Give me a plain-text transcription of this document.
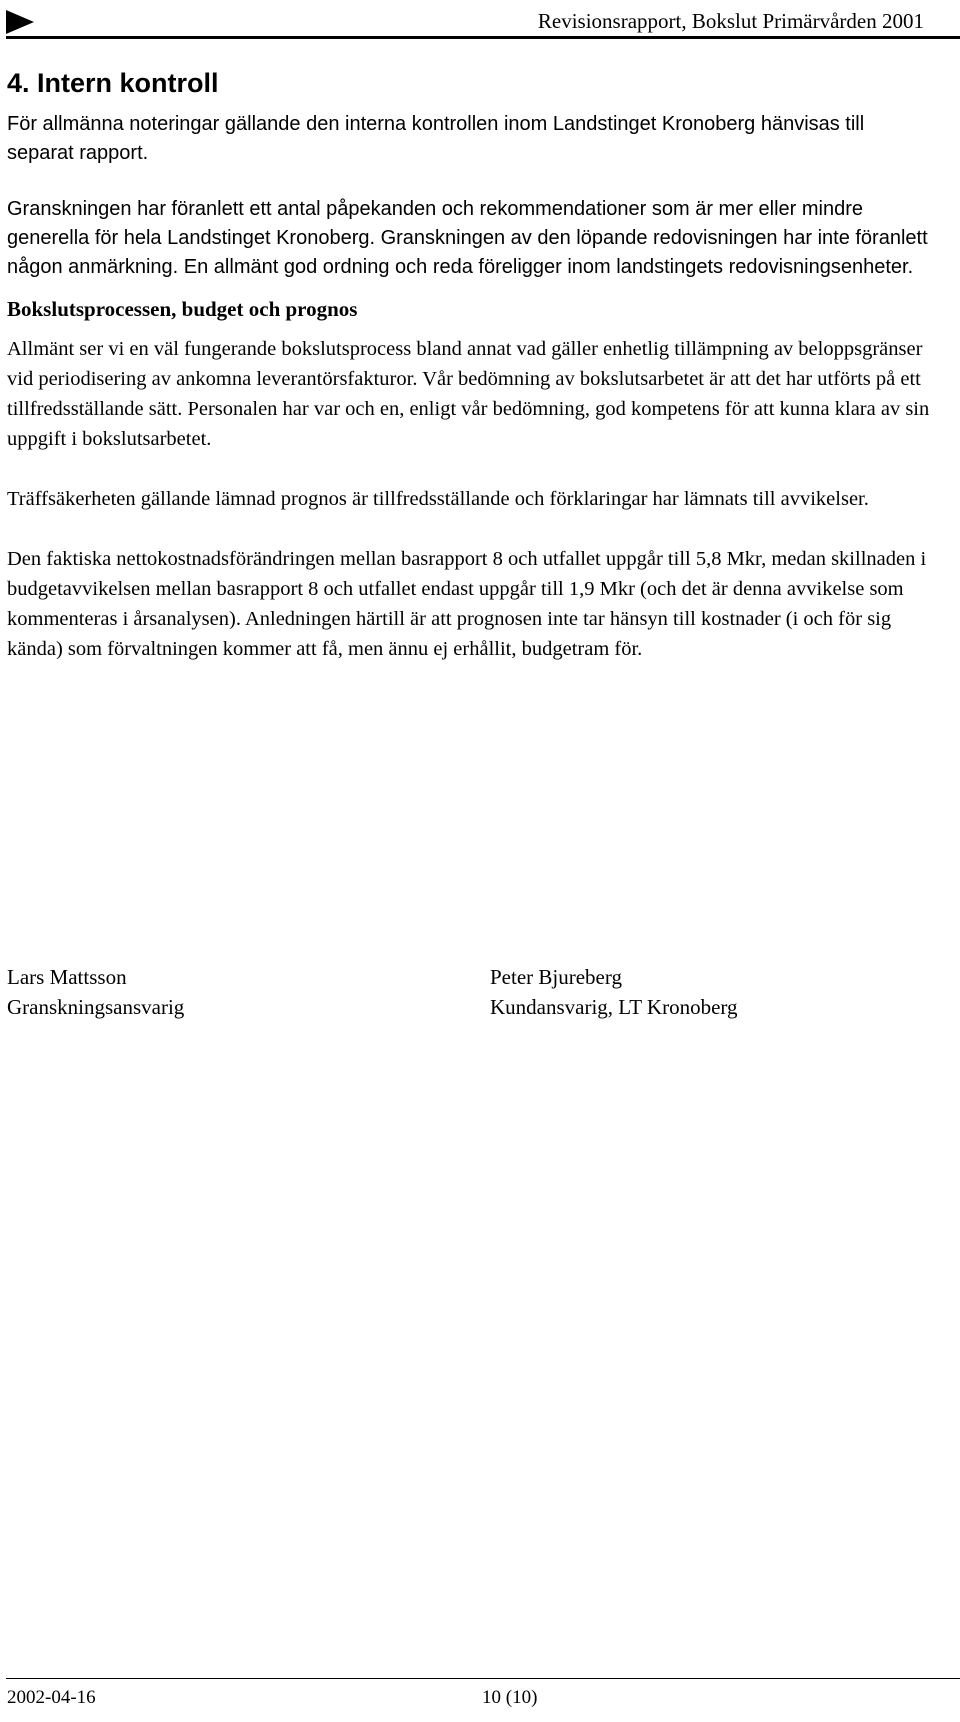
Revisionsrapport, Bokslut Primärvården 2001
4. Intern kontroll

För allmänna noteringar gällande den interna kontrollen inom Landstinget Kronoberg hänvisas till separat rapport.

Granskningen har föranlett ett antal påpekanden och rekommendationer som är mer eller mindre generella för hela Landstinget Kronoberg. Granskningen av den löpande redovisningen har inte föranlett någon anmärkning. En allmänt god ordning och reda föreligger inom landstingets redovisningsenheter.

Bokslutsprocessen, budget och prognos

Allmänt ser vi en väl fungerande bokslutsprocess bland annat vad gäller enhetlig tillämpning av beloppsgränser vid periodisering av ankomna leverantörsfakturor. Vår bedömning av bokslutsarbetet är att det har utförts på ett tillfredsställande sätt. Personalen har var och en, enligt vår bedömning, god kompetens för att kunna klara av sin uppgift i bokslutsarbetet.

Träffsäkerheten gällande lämnad prognos är tillfredsställande och förklaringar har lämnats till avvikelser.

Den faktiska nettokostnadsförändringen mellan basrapport 8 och utfallet uppgår till 5,8 Mkr, medan skillnaden i budgetavvikelsen mellan basrapport 8 och utfallet endast uppgår till 1,9 Mkr (och det är denna avvikelse som kommenteras i årsanalysen). Anledningen härtill är att prognosen inte tar hänsyn till kostnader (i och för sig kända) som förvaltningen kommer att få, men ännu ej erhållit, budgetram för.

Lars Mattsson
Granskningsansvarig
Peter Bjureberg
Kundansvarig, LT Kronoberg
2002-04-16	10 (10)
